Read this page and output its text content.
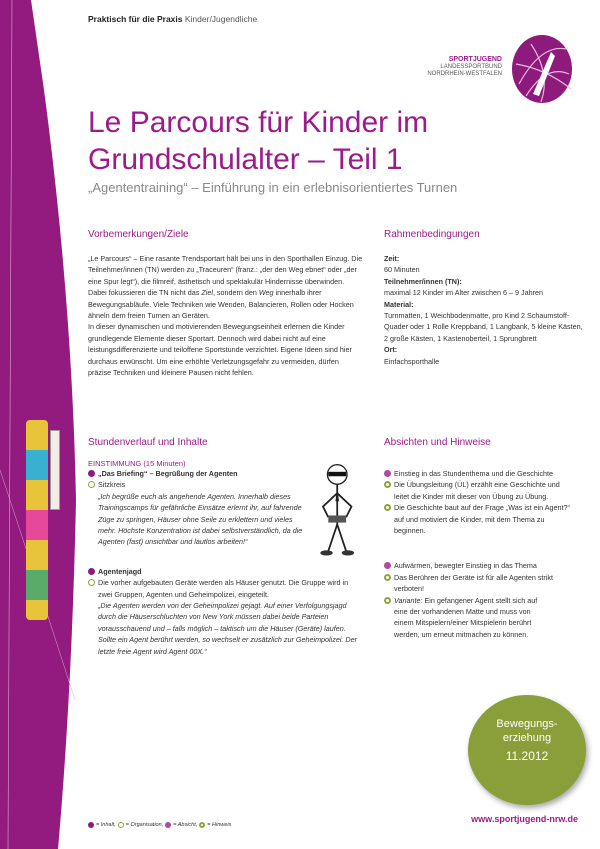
Praktisch für die Praxis Kinder/Jugendliche
SPORTJUGEND
LANDESSPORTBUND
NORDRHEIN-WESTFALEN
Le Parcours für Kinder im
Grundschulalter – Teil 1
„Agententraining“ – Einführung in ein erlebnisorientiertes Turnen
Vorbemerkungen/Ziele
„Le Parcours“ – Eine rasante Trendsportart hält bei uns in den Sporthallen Einzug. Die Teilnehmer/innen (TN) werden zu „Traceuren“ (franz.: „der den Weg ebnet“ oder „der eine Spur legt“), die filmreif, ästhetisch und spektakulär Hindernisse überwinden. Dabei fokussieren die TN nicht das Ziel, sondern den Weg innerhalb ihrer Bewegungsabläufe. Viele Techniken wie Wenden, Balancieren, Rollen oder Hocken ähneln dem freien Turnen an Geräten.
In dieser dynamischen und motivierenden Bewegungseinheit erlernen die Kinder grundlegende Elemente dieser Sportart. Dennoch wird dabei nicht auf eine leistungsdifferenzierte und teiloffene Sportstunde verzichtet. Eigene Ideen sind hier durchaus erwünscht. Um eine erhöhte Verletzungsgefahr zu vermeiden, dürfen präzise Techniken und kleinere Pausen nicht fehlen.
Rahmenbedingungen
Zeit:
60 Minuten
Teilnehmer/innen (TN):
maximal 12 Kinder im Alter zwischen 6 – 9 Jahren
Material:
Turnmatten, 1 Weichbodenmatte, pro Kind 2 Schaumstoff-Quader oder 1 Rolle Kreppband, 1 Langbank, 5 kleine Kästen, 2 große Kästen, 1 Kastenoberteil, 1 Sprungbrett
Ort:
Einfachsporthalle
Stundenverlauf und Inhalte
EINSTIMMUNG (15 Minuten)
„Das Briefing“ – Begrüßung der Agenten
Sitzkreis
„Ich begrüße euch als angehende Agenten. Innerhalb dieses Trainingscamps für gefährliche Einsätze erlernt ihr, auf fahrende Züge zu springen, Häuser ohne Seile zu erklettern und vieles mehr. Höchste Konzentration ist dabei selbstverständlich, da die Agenten (fast) unsichtbar und lautlos arbeiten!“
Agentenjagd
Die vorher aufgebauten Geräte werden als Häuser genutzt. Die Gruppe wird in zwei Gruppen, Agenten und Geheimpolizei, eingeteilt.
„Die Agenten werden von der Geheimpolizei gejagt. Auf einer Verfolgungsjagd durch die Häuserschluchten von New York müssen dabei beide Parteien vorausschauend und – falls möglich – taktisch um die Häuser (Geräte) laufen. Sollte ein Agent berührt werden, so wechselt er zusätzlich zur Geheimpolizei. Der letzte freie Agent wird Agent 00X.“
Absichten und Hinweise
Einstieg in das Stundenthema und die Geschichte
Die Übungsleitung (ÜL) erzählt eine Geschichte und leitet die Kinder mit dieser von Übung zu Übung.
Die Geschichte baut auf der Frage „Was ist ein Agent?“ auf und motiviert die Kinder, mit dem Thema zu beginnen.
Aufwärmen, bewegter Einstieg in das Thema
Das Berühren der Geräte ist für alle Agenten strikt verboten!
Variante: Ein gefangener Agent stellt sich auf eine der vorhandenen Matte und muss von einem Mitspielern/einer Mitspielerin berührt werden, um erneut mitmachen zu können.
Bewegungs-
erziehung
11.2012
www.sportjugend-nrw.de
= Inhalt, = Organisation, = Absicht, = Hinweis
